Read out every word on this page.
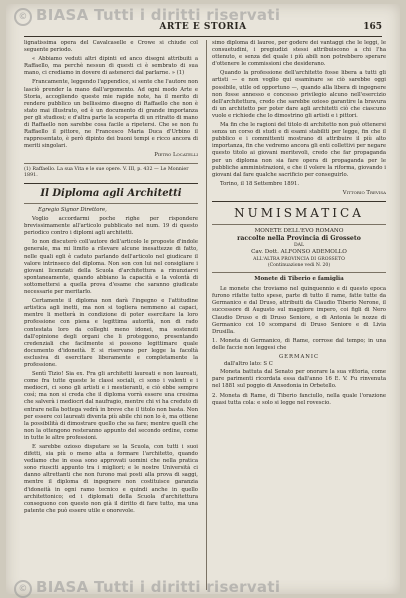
© BIASA Tutti i diritti riservati
ARTE E STORIA	165

lignatissima opera del Cavalcaselle e Crowe si chiude col seguente periodo.

« Abbiamo veduti altri dipinti ed anco disegni attribuiti a Raffaello, ma perchè nessun di questi ci è sembrato di sua mano, ci crediamo in dovere di astenerci dal parlarne. » (1)

Francamente, leggendo l'appendice, si sente che l'autore non lasciò prender la mano dall'argomento. Ad ogni modo Arte e Storia, accogliendo queste mie rapide note, ha il merito di rendere pubblico un bellissimo disegno di Raffaello che non è stato mai illustrato, ed è un documento di grande importanza per gli studiosi; e d'altra parte la scoperta di un ritratto di mano di Raffaello non sarebbe cosa facile a ripetersi. Che se non fu Raffaello il pittore, ne Francesco Maria Duca d'Urbino il rappresentato, è però dipinto dei buoni tempi e ricco ancora di meriti singolari.

Pietro Locatelli

(1) Raffaello. La sua Vita e le sue opere. V. III, p. 432 — Le Monnier 1891.

Il Diploma agli Architetti

Egregio Signor Direttore,

Voglio accordarmi poche righe per rispondere brevissimamente all'articolo pubblicato nel num. 19 di questo periodico contro i diplomi agli architetti.

Io non discuterò coll'autore dell'articolo le proposte d'indole generale, ma mi limito a rilevare alcune inesattezze di fatto, nelle quali egli è caduto parlando dell'articolo nel giudicare il valore intrinseco del diploma. Non son con lui nel consigliare i giovani licenziati della Scuola d'architettura a rinunziarvi spontaneamente, quando abbiano la capacità e la volontà di sottomettersi a quella prova d'esame che saranno giudicate necessarie per meritarlo.

Certamente il diploma non darà l'ingegno e l'attitudine artistica agli inetti, ma non si togliera nemmeno ai capaci, mentre li metterà in condizione di poter esercitare la loro professione con piena e legittima autorità, non di rado contestata loro da colleghi meno idonei, ma sostenuti dall'opinione degli organi che li proteggono, presentando credenziali che facilmente si possono legittimare quale documento d'idoneità. E si riservano per legge la facoltà esclusiva di esercitare liberamente e completamente la professione.

Sentì Tizio! Sia ex. Fra gli architetti laureati e non laureati, come fra tutte queste le classi sociali, ci sono i valenti e i mediocri, ci sono gli artisti e i mestieranti, e ciò ebbe sempre così; ma non si creda che il diploma vorrà essere una cresima che salverà i mediocri dal naufragio, mentre chi vi ha creduto di entrare nella bottega vedrà in breve che il titolo non basta. Non per essere coi laureati diventa più abile chi non lo è, ma ottiene la possibilità di dimostrare quello che sa fare; mentre quelli che non la ottengono resteranno appunto del secondo ordine, come in tutte le altre professioni.

E sarebbe ozioso disputare se la Scuola, con tutti i suoi difetti, sia più o meno atta a formare l'architetto, quando vediamo che in essa sono approvati uomini che nella pratica sono riusciti appunto tra i migliori; e le nostre Università ci danno altrettanti che non furono mai posti alla prova di saggi, mentre il diploma di ingegnere non costituisce garanzia d'idoneità in ogni ramo tecnico e quindi anche in quello architettonico; ed i diplomati della Scuola d'architettura conseguono con questo non già il diritto di fare tutto, ma una patente che può essere utile e onorevole.

simo diploma di lauree, per godere dei vantaggi che le leggi, le consuetudini, i pregiudizi stessi attribuiscono a chi l'ha ottenuto, e senza del quale i più abili non potrebbero sperare d'ottenere le commissioni che desiderano.

Quando la professione dell'architetto fosse libera a tutti gli artisti — e non voglio qui esaminare se ciò sarebbe oggi possibile, utile od opportuno —, quando alla libera di ingegnere non fosse annesso e concesso privilegio alcuno nell'esercizio dell'architettura, credo che sarebbe ozioso garantire la bravura di un architetto per poter dare agli architetti ciò che ciascuno vuole e richiede che lo dimostrino gli artisti e i pittori.

Ma fin che le ragioni del titolo di architetto non può ottenersi senza un corso di studi e di esami stabiliti per legge, fin che il pubblico e i committenti mostrano di attribuire il più alto importanza, fin che vedremo ancora gli enti collettivi per negare questo titolo ai giovani meritevoli, credo che far propaganda per un diploma non sia fare opera di propaganda per le pubbliche amministrazioni, e che il volere la riforma, giovando i giovani dal fare qualche sacrificio per conseguirlo.

Torino, il 18 Settembre 1891.

Vittorio Trevisa

NUMISMATICA

MONETE DELL'EVO ROMANO

raccolte nella Provincia di Grosseto

DAL

Cav. Dott. ALFONSO ADEMOLLO

ALL'ALTRA PROVINCIA DI GROSSETO

(Continuazione vedi N. 20)

Monete di Tiberio e famiglia

Le monete che troviamo nel quinquennio e di questo epoca furono rifatte tutto spese, parte di tutto il rame, fatte tutte da Germanico e dal Druso, attribuiti da Claudio Tiberio Nerone, il successore di Augusto sul maggiore impero, coi figli di Nero Claudio Druso e di Druso Seniore, e di Antonia le nozze di Germanico coi 10 scomparsi di Druso Seniore e di Livia Drusilla.

1. Moneta di Germanico, di Rame, corrose dal tempo; in una delle faccie non leggesi che

GERMANIC

dall'altro lato: S C

Moneta battuta dal Senato per onorare la sua vittoria, come pare parimenti ricordata essa dall'anno 16 E. V. Fu rinvenuta nel 1881 sul poggio di Ansedonia in Orbetello.

2. Moneta di Rame, di Tiberio fanciullo, nella quale l'orazione quasi tutta cola: e solo si legge nel rovescio.

© BIASA Tutti i diritti riservati
